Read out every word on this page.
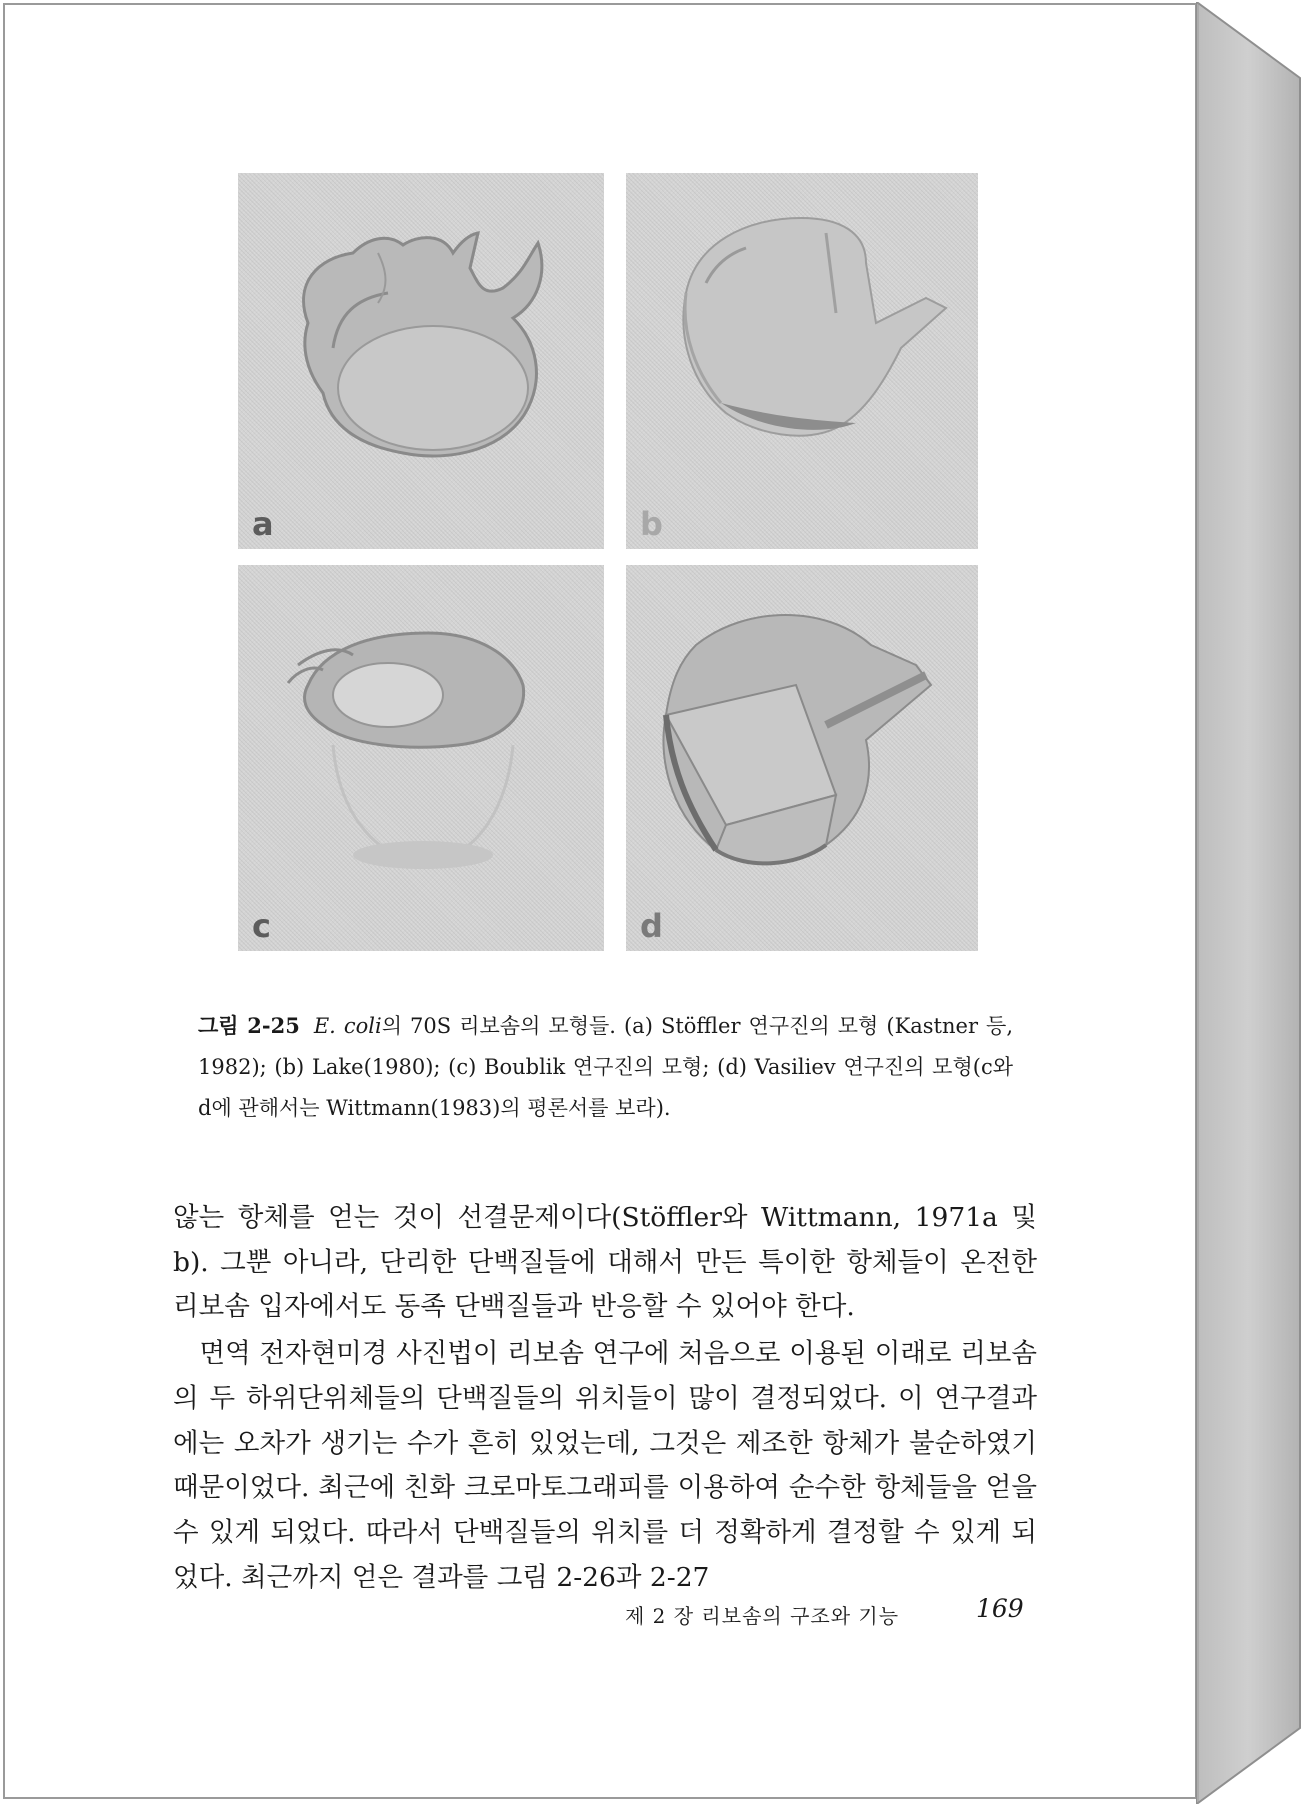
a	b
c	d
그림 2-25 E. coli의 70S 리보솜의 모형들. (a) Stöffler 연구진의 모형 (Kastner 등, 1982); (b) Lake(1980); (c) Boublik 연구진의 모형; (d) Vasiliev 연구진의 모형(c와 d에 관해서는 Wittmann(1983)의 평론서를 보라).

않는 항체를 얻는 것이 선결문제이다(Stöffler와 Wittmann, 1971a 및 b). 그뿐 아니라, 단리한 단백질들에 대해서 만든 특이한 항체들이 온전한 리보솜 입자에서도 동족 단백질들과 반응할 수 있어야 한다.

면역 전자현미경 사진법이 리보솜 연구에 처음으로 이용된 이래로 리보솜의 두 하위단위체들의 단백질들의 위치들이 많이 결정되었다. 이 연구결과에는 오차가 생기는 수가 흔히 있었는데, 그것은 제조한 항체가 불순하였기 때문이었다. 최근에 친화 크로마토그래피를 이용하여 순수한 항체들을 얻을 수 있게 되었다. 따라서 단백질들의 위치를 더 정확하게 결정할 수 있게 되었다. 최근까지 얻은 결과를 그림 2-26과 2-27

제 2 장 리보솜의 구조와 기능	169
